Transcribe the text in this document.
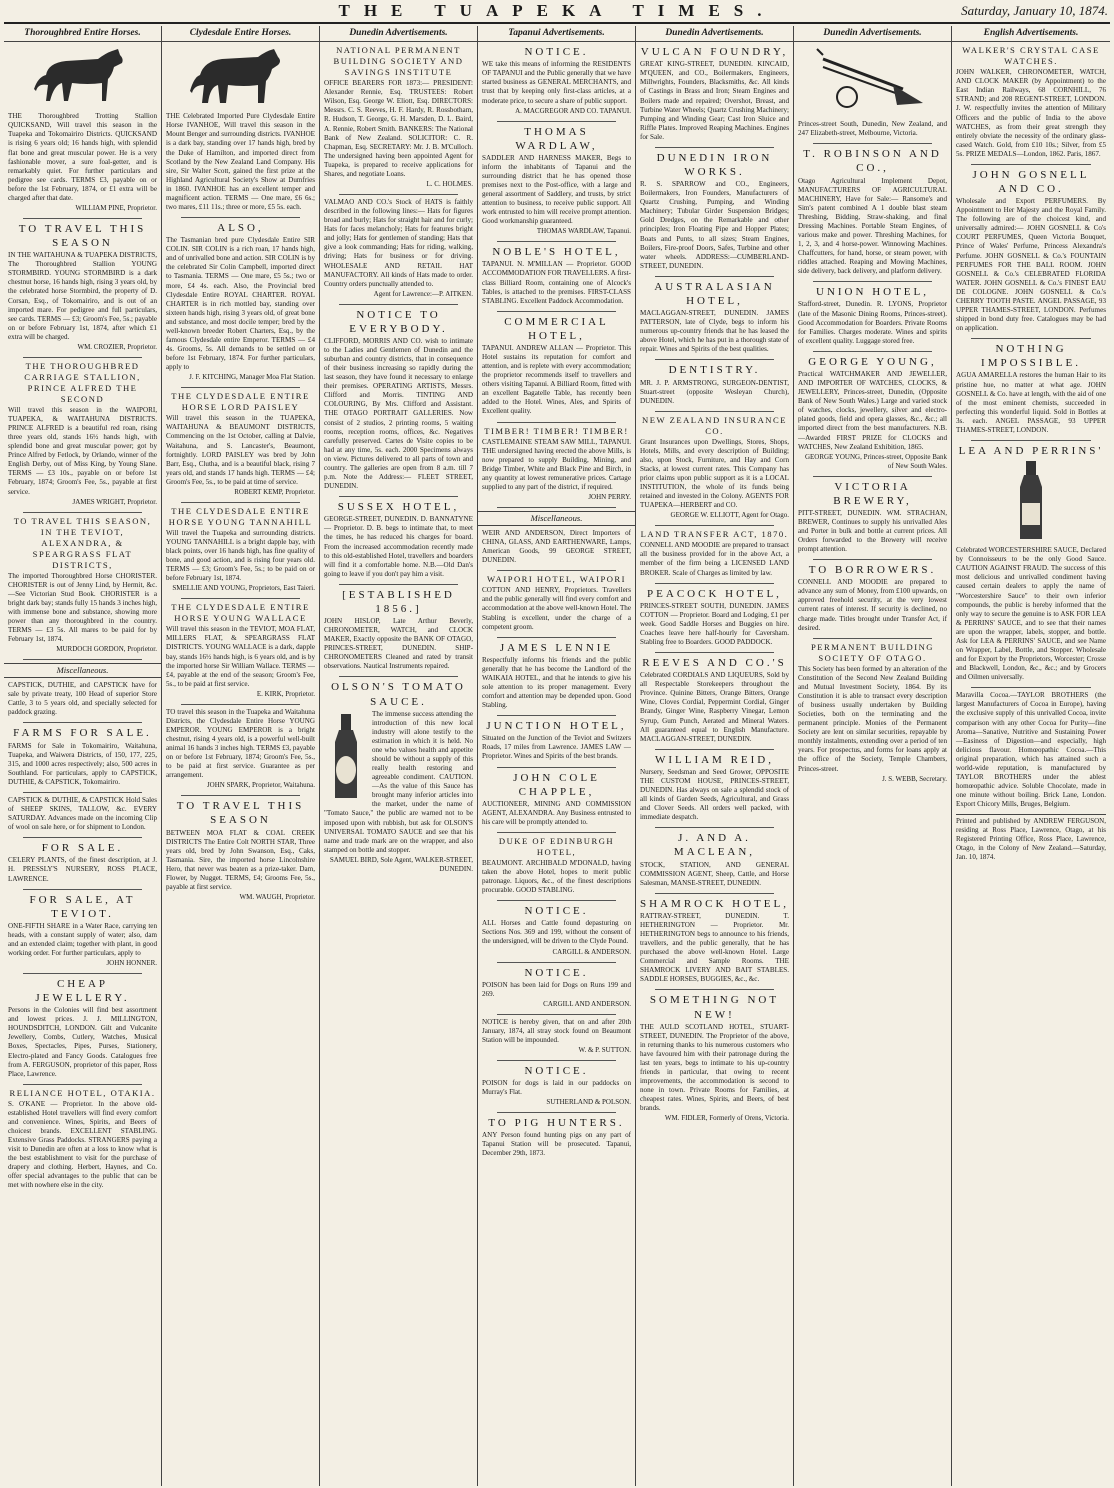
THE TUAPEKA TIMES.	Saturday, January 10, 1874.
Thoroughbred Entire Horses.

THE Thoroughbred Trotting Stallion QUICKSAND, Will travel this season in the Tuapeka and Tokomairiro Districts. QUICKSAND is rising 6 years old; 16 hands high, with splendid flat bone and great muscular power. He is a very fashionable mover, a sure foal-getter, and is remarkably quiet. For further particulars and pedigree see cards. TERMS £3, payable on or before the 1st February, 1874, or £1 extra will be charged after that date.

WILLIAM PINE, Proprietor.
TO TRAVEL THIS SEASON

IN THE WAITAHUNA & TUAPEKA DISTRICTS, The Thoroughbred Stallion YOUNG STORMBIRD. YOUNG STORMBIRD is a dark chestnut horse, 16 hands high, rising 3 years old, by the celebrated horse Stormbird, the property of D. Corsan, Esq., of Tokomairiro, and is out of an imported mare. For pedigree and full particulars, see cards. TERMS — £3; Groom's Fee, 5s.; payable on or before February 1st, 1874, after which £1 extra will be charged.

WM. CROZIER, Proprietor.
THE THOROUGHBRED CARRIAGE STALLION, PRINCE ALFRED THE SECOND

Will travel this season in the WAIPORI, TUAPEKA, & WAITAHUNA DISTRICTS. PRINCE ALFRED is a beautiful red roan, rising three years old, stands 16½ hands high, with splendid bone and great muscular power; got by Prince Alfred by Fetlock, by Orlando, winner of the English Derby, out of Miss King, by Young Slane. TERMS — £3 10s., payable on or before 1st February, 1874; Groom's Fee, 5s., payable at first service.

JAMES WRIGHT, Proprietor.
TO TRAVEL THIS SEASON, IN THE TEVIOT, ALEXANDRA, & SPEARGRASS FLAT DISTRICTS,

The imported Thoroughbred Horse CHORISTER. CHORISTER is out of Jenny Lind, by Hermit, &c.—See Victorian Stud Book. CHORISTER is a bright dark bay; stands fully 15 hands 3 inches high, with immense bone and substance, showing more power than any thoroughbred in the country. TERMS — £3 5s. All mares to be paid for by February 1st, 1874.

MURDOCH GORDON, Proprietor.
Miscellaneous.

CAPSTICK, DUTHIE, and CAPSTICK have for sale by private treaty, 100 Head of superior Store Cattle, 3 to 5 years old, and specially selected for paddock grazing.

FARMS FOR SALE.

FARMS for Sale in Tokomairiro, Waitahuna, Tuapeka, and Waiwera Districts, of 150, 177, 225, 315, and 1000 acres respectively; also, 500 acres in Southland. For particulars, apply to CAPSTICK, DUTHIE, & CAPSTICK, Tokomairiro.

CAPSTICK & DUTHIE, & CAPSTICK Hold Sales of SHEEP SKINS, TALLOW, &c. EVERY SATURDAY. Advances made on the incoming Clip of wool on sale here, or for shipment to London.

FOR SALE.

CELERY PLANTS, of the finest description, at J. H. PRESSLY'S NURSERY, ROSS PLACE, LAWRENCE.

FOR SALE, AT TEVIOT.

ONE-FIFTH SHARE in a Water Race, carrying ten heads, with a constant supply of water; also, dam and an extended claim; together with plant, in good working order. For further particulars, apply to

JOHN HONNER.
CHEAP JEWELLERY.

Persons in the Colonies will find best assortment and lowest prices. J. J. MILLINGTON, HOUNDSDITCH, LONDON. Gilt and Vulcanite Jewellery, Combs, Cutlery, Watches, Musical Boxes, Spectacles, Pipes, Purses, Stationery, Electro-plated and Fancy Goods. Catalogues free from A. FERGUSON, proprietor of this paper, Ross Place, Lawrence.

RELIANCE HOTEL, OTAKIA.

S. O'KANE — Proprietor. In the above old-established Hotel travellers will find every comfort and convenience. Wines, Spirits, and Beers of choicest brands. EXCELLENT STABLING. Extensive Grass Paddocks. STRANGERS paying a visit to Dunedin are often at a loss to know what is the best establishment to visit for the purchase of drapery and clothing. Herbert, Haynes, and Co. offer special advantages to the public that can be met with nowhere else in the city.

Clydesdale Entire Horses.

THE Celebrated Imported Pure Clydesdale Entire Horse IVANHOE, Will travel this season in the Mount Benger and surrounding districts. IVANHOE is a dark bay, standing over 17 hands high, bred by the Duke of Hamilton, and imported direct from Scotland by the New Zealand Land Company. His sire, Sir Walter Scott, gained the first prize at the Highland Agricultural Society's Show at Dumfries in 1860. IVANHOE has an excellent temper and magnificent action. TERMS — One mare, £6 6s.; two mares, £11 11s.; three or more, £5 5s. each.

ALSO,

The Tasmanian bred pure Clydesdale Entire SIR COLIN. SIR COLIN is a rich roan, 17 hands high, and of unrivalled bone and action. SIR COLIN is by the celebrated Sir Colin Campbell, imported direct to Tasmania. TERMS — One mare, £5 5s.; two or more, £4 4s. each. Also, the Provincial bred Clydesdale Entire ROYAL CHARTER. ROYAL CHARTER is in rich mottled bay, standing over sixteen hands high, rising 3 years old, of great bone and substance, and most docile temper; bred by the well-known breeder Robert Charters, Esq., by the famous Clydesdale entire Emperor. TERMS — £4 4s. Grooms, 5s. All demands to be settled on or before 1st February, 1874. For further particulars, apply to

J. F. KITCHING, Manager Moa Flat Station.
THE CLYDESDALE ENTIRE HORSE LORD PAISLEY

Will travel this season in the TUAPEKA, WAITAHUNA & BEAUMONT DISTRICTS, Commencing on the 1st October, calling at Dalvie, Waitahuna, and S. Lancaster's, Beaumont, fortnightly. LORD PAISLEY was bred by John Barr, Esq., Clutha, and is a beautiful black, rising 7 years old, and stands 17 hands high. TERMS — £4; Groom's Fee, 5s., to be paid at time of service.

ROBERT KEMP, Proprietor.
THE CLYDESDALE ENTIRE HORSE YOUNG TANNAHILL

Will travel the Tuapeka and surrounding districts. YOUNG TANNAHILL is a bright dapple bay, with black points, over 16 hands high, has fine quality of bone, and good action, and is rising four years old. TERMS — £3; Groom's Fee, 5s.; to be paid on or before February 1st, 1874.

SMELLIE AND YOUNG, Proprietors, East Taieri.
THE CLYDESDALE ENTIRE HORSE YOUNG WALLACE

Will travel this season in the TEVIOT, MOA FLAT, MILLERS FLAT, & SPEARGRASS FLAT DISTRICTS. YOUNG WALLACE is a dark, dapple bay, stands 16½ hands high, is 6 years old, and is by the imported horse Sir William Wallace. TERMS — £4, payable at the end of the season; Groom's Fee, 5s., to be paid at first service.

E. KIRK, Proprietor.

TO travel this season in the Tuapeka and Waitahuna Districts, the Clydesdale Entire Horse YOUNG EMPEROR. YOUNG EMPEROR is a bright chestnut, rising 4 years old, is a powerful well-built animal 16 hands 3 inches high. TERMS £3, payable on or before 1st February, 1874; Groom's Fee, 5s., to be paid at first service. Guarantee as per arrangement.

JOHN SPARK, Proprietor, Waitahuna.
TO TRAVEL THIS SEASON

BETWEEN MOA FLAT & COAL CREEK DISTRICTS The Entire Colt NORTH STAR, Three years old, bred by John Swanson, Esq., Caks, Tasmania. Sire, the imported horse Lincolnshire Hero, that never was beaten as a prize-taker. Dam, Flower, by Nugget. TERMS, £4; Grooms Fee, 5s., payable at first service.

WM. WAUGH, Proprietor.
Dunedin Advertisements.
NATIONAL PERMANENT BUILDING SOCIETY AND SAVINGS INSTITUTE

OFFICE BEARERS FOR 1873:— PRESIDENT: Alexander Rennie, Esq. TRUSTEES: Robert Wilson, Esq. George W. Eliott, Esq. DIRECTORS: Messrs. C. S. Reeves, H. F. Hardy, R. Rossbotham, R. Hudson, T. George, G. H. Marsden, D. L. Baird, A. Rennie, Robert Smith. BANKERS: The National Bank of New Zealand. SOLICITOR: C. R. Chapman, Esq. SECRETARY: Mr. J. B. M'Culloch. The undersigned having been appointed Agent for Tuapeka, is prepared to receive applications for Shares, and negotiate Loans.

L. C. HOLMES.

VALMAO AND CO.'s Stock of HATS is faithly described in the following lines:— Hats for figures broad and burly; Hats for straight hair and for curly; Hats for faces melancholy; Hats for features bright and jolly; Hats for gentlemen of standing; Hats that give a look commanding; Hats for riding, walking, driving; Hats for business or for driving. WHOLESALE AND RETAIL HAT MANUFACTORY. All kinds of Hats made to order. Country orders punctually attended to.

Agent for Lawrence:—P. AITKEN.
NOTICE TO EVERYBODY.

CLIFFORD, MORRIS AND CO. wish to intimate to the Ladies and Gentlemen of Dunedin and the suburban and country districts, that in consequence of their business increasing so rapidly during the last season, they have found it necessary to enlarge their premises. OPERATING ARTISTS, Messrs. Clifford and Morris. TINTING AND COLOURING, By Mrs. Clifford and Assistant. THE OTAGO PORTRAIT GALLERIES. Now consist of 2 studios, 2 printing rooms, 5 waiting rooms, reception rooms, offices, &c. Negatives carefully preserved. Cartes de Visite copies to be had at any time, 5s. each. 2000 Specimens always on view. Pictures delivered to all parts of town and country. The galleries are open from 8 a.m. till 7 p.m. Note the Address:— FLEET STREET, DUNEDIN.

SUSSEX HOTEL,

GEORGE-STREET, DUNEDIN. D. BANNATYNE — Proprietor. D. B. begs to intimate that, to meet the times, he has reduced his charges for board. From the increased accommodation recently made to this old-established Hotel, travellers and boarders will find it a comfortable home. N.B.—Old Dan's going to leave if you don't pay him a visit.

[ESTABLISHED 1856.]

JOHN HISLOP, Late Arthur Beverly, CHRONOMETER, WATCH, and CLOCK MAKER, Exactly opposite the BANK OF OTAGO, PRINCES-STREET, DUNEDIN. SHIP-CHRONOMETERS Cleaned and rated by transit observations. Nautical Instruments repaired.

OLSON'S TOMATO SAUCE.

The immense success attending the introduction of this new local industry will alone testify to the estimation in which it is held. No one who values health and appetite should be without a supply of this really health restoring and agreeable condiment. CAUTION.—As the value of this Sauce has brought many inferior articles into the market, under the name of "Tomato Sauce," the public are warned not to be imposed upon with rubbish, but ask for OLSON'S UNIVERSAL TOMATO SAUCE and see that his name and trade mark are on the wrapper, and also stamped on bottle and stopper.

SAMUEL BIRD, Sole Agent, WALKER-STREET, DUNEDIN.
Tapanui Advertisements.
NOTICE.

WE take this means of informing the RESIDENTS OF TAPANUI and the Public generally that we have started business as GENERAL MERCHANTS, and trust that by keeping only first-class articles, at a moderate price, to secure a share of public support.

A. MACGREGOR AND CO. TAPANUI.
THOMAS WARDLAW,

SADDLER AND HARNESS MAKER, Begs to inform the inhabitants of Tapanui and the surrounding district that he has opened those premises next to the Post-office, with a large and general assortment of Saddlery, and trusts, by strict attention to business, to receive public support. All work entrusted to him will receive prompt attention. Good workmanship guaranteed.

THOMAS WARDLAW, Tapanui.
NOBLE'S HOTEL,

TAPANUI. N. M'MILLAN — Proprietor. GOOD ACCOMMODATION FOR TRAVELLERS. A first-class Billiard Room, containing one of Alcock's Tables, is attached to the premises. FIRST-CLASS STABLING. Excellent Paddock Accommodation.

COMMERCIAL HOTEL,

TAPANUI. ANDREW ALLAN — Proprietor. This Hotel sustains its reputation for comfort and attention, and is replete with every accommodation; the proprietor recommends itself to travellers and others visiting Tapanui. A Billiard Room, fitted with an excellent Bagatelle Table, has recently been added to the Hotel. Wines, Ales, and Spirits of Excellent quality.

TIMBER! TIMBER! TIMBER!

CASTLEMAINE STEAM SAW MILL, TAPANUI. THE undersigned having erected the above Mills, is now prepared to supply Building, Mining, and Bridge Timber, White and Black Pine and Birch, in any quantity at lowest remunerative prices. Cartage supplied to any part of the district, if required.

JOHN PERRY.
Miscellaneous.

WEIR AND ANDERSON, Direct Importers of CHINA, GLASS, AND EARTHENWARE, Lamps, American Goods, 99 GEORGE STREET, DUNEDIN.

WAIPORI HOTEL, WAIPORI

COTTON AND HENRY, Proprietors. Travellers and the public generally will find every comfort and accommodation at the above well-known Hotel. The Stabling is excellent, under the charge of a competent groom.

JAMES LENNIE

Respectfully informs his friends and the public generally that he has become the Landlord of the WAIKAIA HOTEL, and that he intends to give his sole attention to its proper management. Every comfort and attention may be depended upon. Good Stabling.

JUNCTION HOTEL,

Situated on the Junction of the Teviot and Switzers Roads, 17 miles from Lawrence. JAMES LAW — Proprietor. Wines and Spirits of the best brands.

JOHN COLE CHAPPLE,

AUCTIONEER, MINING AND COMMISSION AGENT, ALEXANDRA. Any Business entrusted to his care will be promptly attended to.

DUKE OF EDINBURGH HOTEL,

BEAUMONT. ARCHIBALD M'DONALD, having taken the above Hotel, hopes to merit public patronage. Liquors, &c., of the finest descriptions procurable. GOOD STABLING.

NOTICE.

ALL Horses and Cattle found depasturing on Sections Nos. 369 and 199, without the consent of the undersigned, will be driven to the Clyde Pound.

CARGILL & ANDERSON.
NOTICE.

POISON has been laid for Dogs on Runs 199 and 269.

CARGILL AND ANDERSON.

NOTICE is hereby given, that on and after 20th January, 1874, all stray stock found on Beaumont Station will be impounded.

W. & P. SUTTON.
NOTICE.

POISON for dogs is laid in our paddocks on Murray's Flat.

SUTHERLAND & POLSON.
TO PIG HUNTERS.

ANY Person found hunting pigs on any part of Tapanui Station will be prosecuted. Tapanui, December 29th, 1873.

Dunedin Advertisements.
VULCAN FOUNDRY,

GREAT KING-STREET, DUNEDIN. KINCAID, M'QUEEN, and CO., Boilermakers, Engineers, Millwrights, Founders, Blacksmiths, &c. All kinds of Castings in Brass and Iron; Steam Engines and Boilers made and repaired; Overshot, Breast, and Turbine Water Wheels; Quartz Crushing Machinery; Pumping and Winding Gear; Cast Iron Sluice and Riffle Plates. Improved Reaping Machines. Engines for Sale.

DUNEDIN IRON WORKS.

R. S. SPARROW and CO., Engineers, Boilermakers, Iron Founders, Manufacturers of Quartz Crushing, Pumping, and Winding Machinery; Tubular Girder Suspension Bridges; Gold Dredges, on the Remarkable and other principles; Iron Floating Pipe and Hopper Plates; Boats and Punts, to all sizes; Steam Engines, Boilers, Fire-proof Doors, Safes, Turbine and other water wheels. ADDRESS:—CUMBERLAND-STREET, DUNEDIN.

AUSTRALASIAN HOTEL,

MACLAGGAN-STREET, DUNEDIN. JAMES PATTERSON, late of Clyde, begs to inform his numerous up-country friends that he has leased the above Hotel, which he has put in a thorough state of repair. Wines and Spirits of the best qualities.

DENTISTRY.

MR. J. P. ARMSTRONG, SURGEON-DENTIST, Stuart-street (opposite Wesleyan Church), DUNEDIN.

NEW ZEALAND INSURANCE CO.

Grant Insurances upon Dwellings, Stores, Shops, Hotels, Mills, and every description of Building; also, upon Stock, Furniture, and Hay and Corn Stacks, at lowest current rates. This Company has prior claims upon public support as it is a LOCAL INSTITUTION, the whole of its funds being retained and invested in the Colony. AGENTS FOR TUAPEKA—HERBERT and CO.

GEORGE W. ELLIOTT, Agent for Otago.
LAND TRANSFER ACT, 1870.

CONNELL AND MOODIE are prepared to transact all the business provided for in the above Act, a member of the firm being a LICENSED LAND BROKER. Scale of Charges as limited by law.

PEACOCK HOTEL,

PRINCES-STREET SOUTH, DUNEDIN. JAMES COTTON — Proprietor. Board and Lodging, £1 per week. Good Saddle Horses and Buggies on hire. Coaches leave here half-hourly for Caversham. Stabling free to Boarders. GOOD PADDOCK.

REEVES AND CO.'S

Celebrated CORDIALS AND LIQUEURS, Sold by all Respectable Storekeepers throughout the Province. Quinine Bitters, Orange Bitters, Orange Wine, Cloves Cordial, Peppermint Cordial, Ginger Brandy, Ginger Wine, Raspberry Vinegar, Lemon Syrup, Gum Punch, Aerated and Mineral Waters. All guaranteed equal to English Manufacture. MACLAGGAN-STREET, DUNEDIN.

WILLIAM REID,

Nursery, Seedsman and Seed Grower, OPPOSITE THE CUSTOM HOUSE, PRINCES-STREET, DUNEDIN. Has always on sale a splendid stock of all kinds of Garden Seeds, Agricultural, and Grass and Clover Seeds. All orders well packed, with immediate despatch.

J. AND A. MACLEAN,

STOCK, STATION, AND GENERAL COMMISSION AGENT, Sheep, Cattle, and Horse Salesman, MANSE-STREET, DUNEDIN.

SHAMROCK HOTEL,

RATTRAY-STREET, DUNEDIN. T. HETHERINGTON — Proprietor. Mr. HETHERINGTON begs to announce to his friends, travellers, and the public generally, that he has purchased the above well-known Hotel. Large Commercial and Sample Rooms. THE SHAMROCK LIVERY AND BAIT STABLES. SADDLE HORSES, BUGGIES, &c., &c.

SOMETHING NOT NEW!

THE AULD SCOTLAND HOTEL, STUART-STREET, DUNEDIN. The Proprietor of the above, in returning thanks to his numerous customers who have favoured him with their patronage during the last ten years, begs to intimate to his up-country friends in particular, that owing to recent improvements, the accommodation is second to none in town. Private Rooms for Families, at cheapest rates. Wines, Spirits, and Beers, of best brands.

WM. FIDLER, Formerly of Orens, Victoria.
Dunedin Advertisements.

Princes-street South, Dunedin, New Zealand, and 247 Elizabeth-street, Melbourne, Victoria.

T. ROBINSON AND CO.,

Otago Agricultural Implement Depot, MANUFACTURERS OF AGRICULTURAL MACHINERY, Have for Sale:— Ransome's and Sim's patent combined A 1 double blast steam Threshing, Bidding, Straw-shaking, and final Dressing Machines. Portable Steam Engines, of various make and power. Threshing Machines, for 1, 2, 3, and 4 horse-power. Winnowing Machines. Chaffcutters, for hand, horse, or steam power, with riddles attached. Reaping and Mowing Machines, side delivery, back delivery, and platform delivery.

UNION HOTEL,

Stafford-street, Dunedin. R. LYONS, Proprietor (late of the Masonic Dining Rooms, Princes-street). Good Accommodation for Boarders. Private Rooms for Families. Charges moderate. Wines and spirits of excellent quality. Luggage stored free.

GEORGE YOUNG,

Practical WATCHMAKER AND JEWELLER, AND IMPORTER OF WATCHES, CLOCKS, & JEWELLERY, Princes-street, Dunedin, (Opposite Bank of New South Wales.) Large and varied stock of watches, clocks, jewellery, silver and electro-plated goods, field and opera glasses, &c., &c.; all imported direct from the best manufacturers. N.B.—Awarded FIRST PRIZE for CLOCKS and WATCHES, New Zealand Exhibition, 1865.

GEORGE YOUNG, Princes-street, Opposite Bank of New South Wales.
VICTORIA BREWERY,

PITT-STREET, DUNEDIN. WM. STRACHAN, BREWER, Continues to supply his unrivalled Ales and Porter in bulk and bottle at current prices. All Orders forwarded to the Brewery will receive prompt attention.

TO BORROWERS.

CONNELL AND MOODIE are prepared to advance any sum of Money, from £100 upwards, on approved freehold security, at the very lowest current rates of interest. If security is declined, no charge made. Titles brought under Transfer Act, if desired.

PERMANENT BUILDING SOCIETY OF OTAGO.

This Society has been formed by an alteration of the Constitution of the Second New Zealand Building and Mutual Investment Society, 1864. By its Constitution it is able to transact every description of business usually undertaken by Building Societies, both on the terminating and the permanent principle. Monies of the Permanent Society are lent on similar securities, repayable by monthly instalments, extending over a period of ten years. For prospectus, and forms for loans apply at the office of the Society, Temple Chambers, Princes-street.

J. S. WEBB, Secretary.
English Advertisements.
WALKER'S CRYSTAL CASE WATCHES.

JOHN WALKER, CHRONOMETER, WATCH, AND CLOCK MAKER (by Appointment) to the East Indian Railways, 68 CORNHILL, 76 STRAND; and 208 REGENT-STREET, LONDON. J. W. respectfully invites the attention of Military Officers and the public of India to the above WATCHES, as from their great strength they entirely obviate the necessity of the ordinary glass-cased Watch. Gold, from £10 10s.; Silver, from £5 5s. PRIZE MEDALS—London, 1862. Paris, 1867.

JOHN GOSNELL AND CO.

Wholesale and Export PERFUMERS. By Appointment to Her Majesty and the Royal Family. The following are of the choicest kind, and universally admired:— JOHN GOSNELL & Co's COURT PERFUMES, Queen Victoria Bouquet, Prince of Wales' Perfume, Princess Alexandra's Perfume. JOHN GOSNELL & Co.'s FOUNTAIN PERFUMES FOR THE BALL ROOM. JOHN GOSNELL & Co.'s CELEBRATED FLORIDA WATER. JOHN GOSNELL & Co.'s FINEST EAU DE COLOGNE. JOHN GOSNELL & Co.'s CHERRY TOOTH PASTE. ANGEL PASSAGE, 93 UPPER THAMES-STREET, LONDON. Perfumes shipped in bond duty free. Catalogues may be had on application.

NOTHING IMPOSSIBLE.

AGUA AMARELLA restores the human Hair to its pristine hue, no matter at what age. JOHN GOSNELL & Co. have at length, with the aid of one of the most eminent chemists, succeeded in perfecting this wonderful liquid. Sold in Bottles at 3s. each. ANGEL PASSAGE, 93 UPPER THAMES-STREET, LONDON.

LEA AND PERRINS'

Celebrated WORCESTERSHIRE SAUCE, Declared by Connoisseurs to be the only Good Sauce. CAUTION AGAINST FRAUD. The success of this most delicious and unrivalled condiment having caused certain dealers to apply the name of "Worcestershire Sauce" to their own inferior compounds, the public is hereby informed that the only way to secure the genuine is to ASK FOR LEA & PERRINS' SAUCE, and to see that their names are upon the wrapper, labels, stopper, and bottle. Ask for LEA & PERRINS' SAUCE, and see Name on Wrapper, Label, Bottle, and Stopper. Wholesale and for Export by the Proprietors, Worcester; Crosse and Blackwell, London, &c., &c.; and by Grocers and Oilmen universally.

Maravilla Cocoa.—TAYLOR BROTHERS (the largest Manufacturers of Cocoa in Europe), having the exclusive supply of this unrivalled Cocoa, invite comparison with any other Cocoa for Purity—fine Aroma—Sanative, Nutritive and Sustaining Power—Easiness of Digestion—and especially, high delicious flavour. Homœopathic Cocoa.—This original preparation, which has attained such a world-wide reputation, is manufactured by TAYLOR BROTHERS under the ablest homœopathic advice. Soluble Chocolate, made in one minute without boiling. Brick Lane, London. Export Chicory Mills, Bruges, Belgium.

Printed and published by ANDREW FERGUSON, residing at Ross Place, Lawrence, Otago, at his Registered Printing Office, Ross Place, Lawrence, Otago, in the Colony of New Zealand.—Saturday, Jan. 10, 1874.
